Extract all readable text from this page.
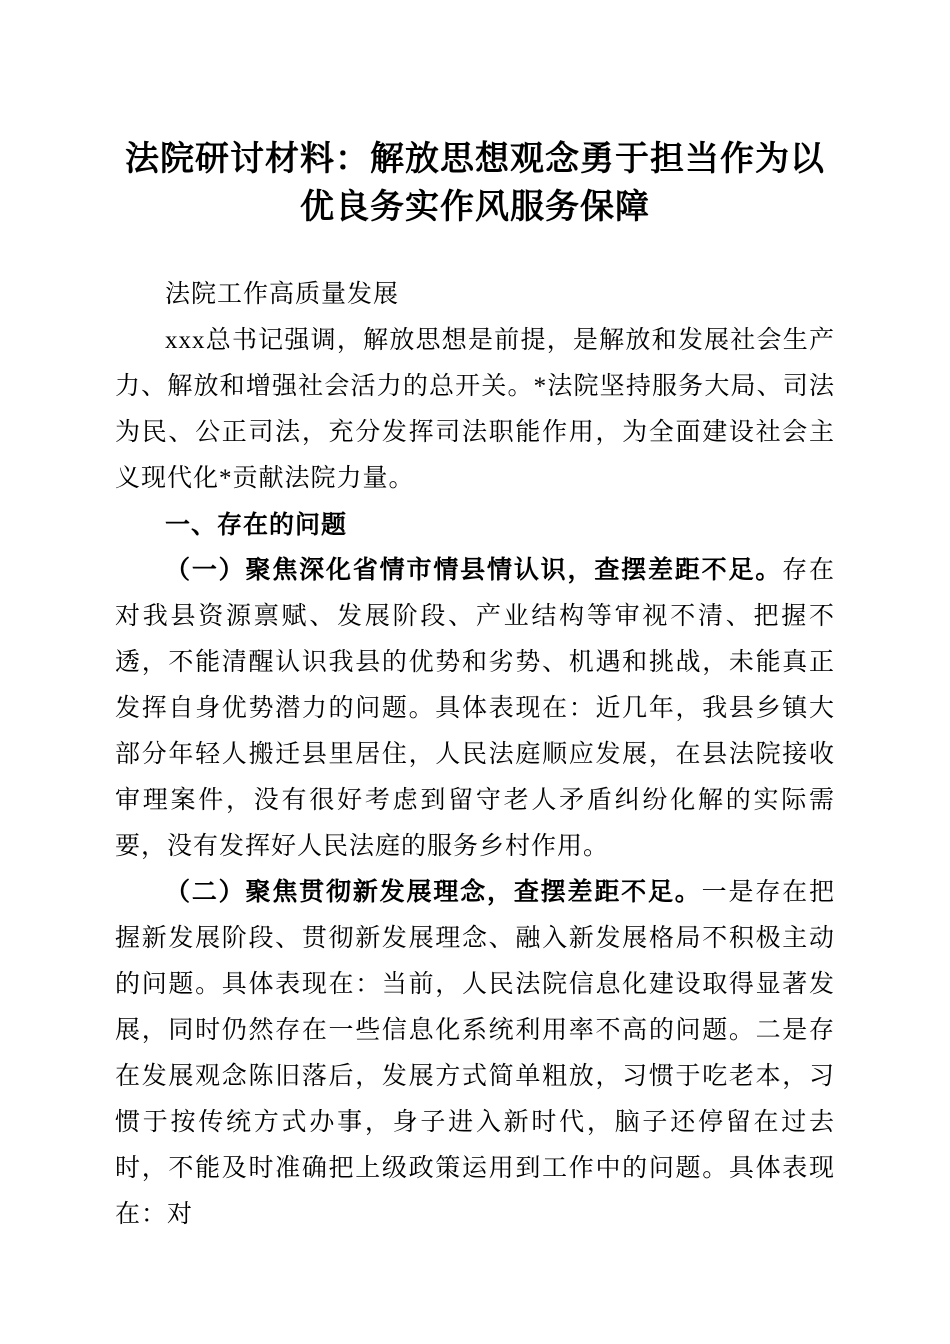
法院研讨材料：解放思想观念勇于担当作为以优良务实作风服务保障

法院工作高质量发展

xxx总书记强调，解放思想是前提，是解放和发展社会生产力、解放和增强社会活力的总开关。*法院坚持服务大局、司法为民、公正司法，充分发挥司法职能作用，为全面建设社会主义现代化*贡献法院力量。

一、存在的问题

（一）聚焦深化省情市情县情认识，查摆差距不足。存在对我县资源禀赋、发展阶段、产业结构等审视不清、把握不透，不能清醒认识我县的优势和劣势、机遇和挑战，未能真正发挥自身优势潜力的问题。具体表现在：近几年，我县乡镇大部分年轻人搬迁县里居住，人民法庭顺应发展，在县法院接收审理案件，没有很好考虑到留守老人矛盾纠纷化解的实际需要，没有发挥好人民法庭的服务乡村作用。

（二）聚焦贯彻新发展理念，查摆差距不足。一是存在把握新发展阶段、贯彻新发展理念、融入新发展格局不积极主动的问题。具体表现在：当前，人民法院信息化建设取得显著发展，同时仍然存在一些信息化系统利用率不高的问题。二是存在发展观念陈旧落后，发展方式简单粗放，习惯于吃老本，习惯于按传统方式办事，身子进入新时代，脑子还停留在过去时，不能及时准确把上级政策运用到工作中的问题。具体表现在：对
